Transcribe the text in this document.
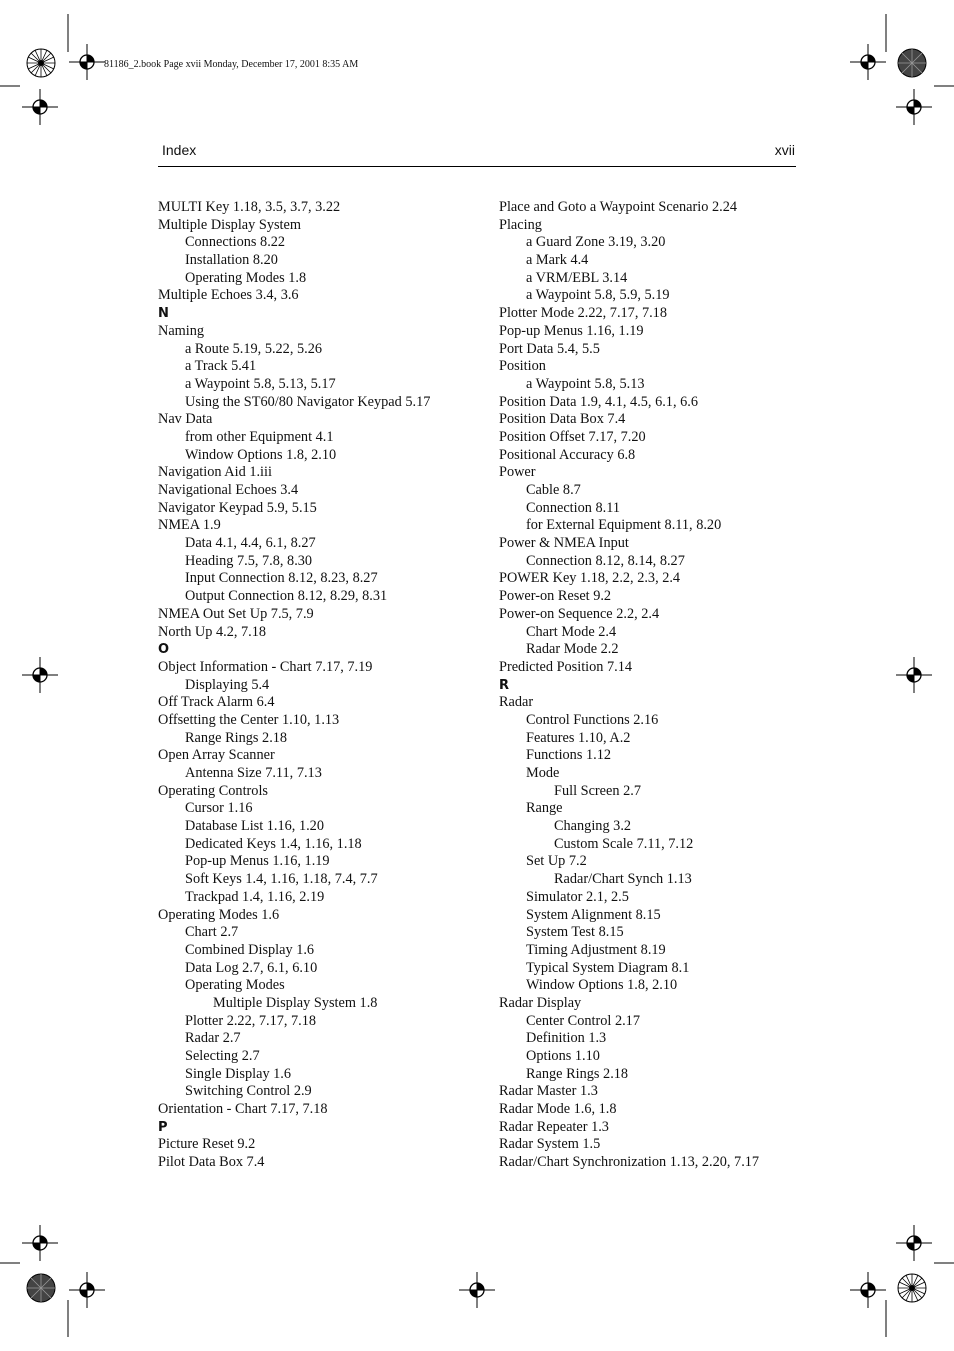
81186_2.book Page xvii Monday, December 17, 2001 8:35 AM
Index	xvii
MULTI Key 1.18, 3.5, 3.7, 3.22
Multiple Display System
Connections 8.22
Installation 8.20
Operating Modes 1.8
Multiple Echoes 3.4, 3.6
N
Naming
a Route 5.19, 5.22, 5.26
a Track 5.41
a Waypoint 5.8, 5.13, 5.17
Using the ST60/80 Navigator Keypad 5.17
Nav Data
from other Equipment 4.1
Window Options 1.8, 2.10
Navigation Aid 1.iii
Navigational Echoes 3.4
Navigator Keypad 5.9, 5.15
NMEA 1.9
Data 4.1, 4.4, 6.1, 8.27
Heading 7.5, 7.8, 8.30
Input Connection 8.12, 8.23, 8.27
Output Connection 8.12, 8.29, 8.31
NMEA Out Set Up 7.5, 7.9
North Up 4.2, 7.18
O
Object Information - Chart 7.17, 7.19
Displaying 5.4
Off Track Alarm 6.4
Offsetting the Center 1.10, 1.13
Range Rings 2.18
Open Array Scanner
Antenna Size 7.11, 7.13
Operating Controls
Cursor 1.16
Database List 1.16, 1.20
Dedicated Keys 1.4, 1.16, 1.18
Pop-up Menus 1.16, 1.19
Soft Keys 1.4, 1.16, 1.18, 7.4, 7.7
Trackpad 1.4, 1.16, 2.19
Operating Modes 1.6
Chart 2.7
Combined Display 1.6
Data Log 2.7, 6.1, 6.10
Operating Modes
Multiple Display System 1.8
Plotter 2.22, 7.17, 7.18
Radar 2.7
Selecting 2.7
Single Display 1.6
Switching Control 2.9
Orientation - Chart 7.17, 7.18
P
Picture Reset 9.2
Pilot Data Box 7.4
Place and Goto a Waypoint Scenario 2.24
Placing
a Guard Zone 3.19, 3.20
a Mark 4.4
a VRM/EBL 3.14
a Waypoint 5.8, 5.9, 5.19
Plotter Mode 2.22, 7.17, 7.18
Pop-up Menus 1.16, 1.19
Port Data 5.4, 5.5
Position
a Waypoint 5.8, 5.13
Position Data 1.9, 4.1, 4.5, 6.1, 6.6
Position Data Box 7.4
Position Offset 7.17, 7.20
Positional Accuracy 6.8
Power
Cable 8.7
Connection 8.11
for External Equipment 8.11, 8.20
Power & NMEA Input
Connection 8.12, 8.14, 8.27
POWER Key 1.18, 2.2, 2.3, 2.4
Power-on Reset 9.2
Power-on Sequence 2.2, 2.4
Chart Mode 2.4
Radar Mode 2.2
Predicted Position 7.14
R
Radar
Control Functions 2.16
Features 1.10, A.2
Functions 1.12
Mode
Full Screen 2.7
Range
Changing 3.2
Custom Scale 7.11, 7.12
Set Up 7.2
Radar/Chart Synch 1.13
Simulator 2.1, 2.5
System Alignment 8.15
System Test 8.15
Timing Adjustment 8.19
Typical System Diagram 8.1
Window Options 1.8, 2.10
Radar Display
Center Control 2.17
Definition 1.3
Options 1.10
Range Rings 2.18
Radar Master 1.3
Radar Mode 1.6, 1.8
Radar Repeater 1.3
Radar System 1.5
Radar/Chart Synchronization 1.13, 2.20, 7.17
